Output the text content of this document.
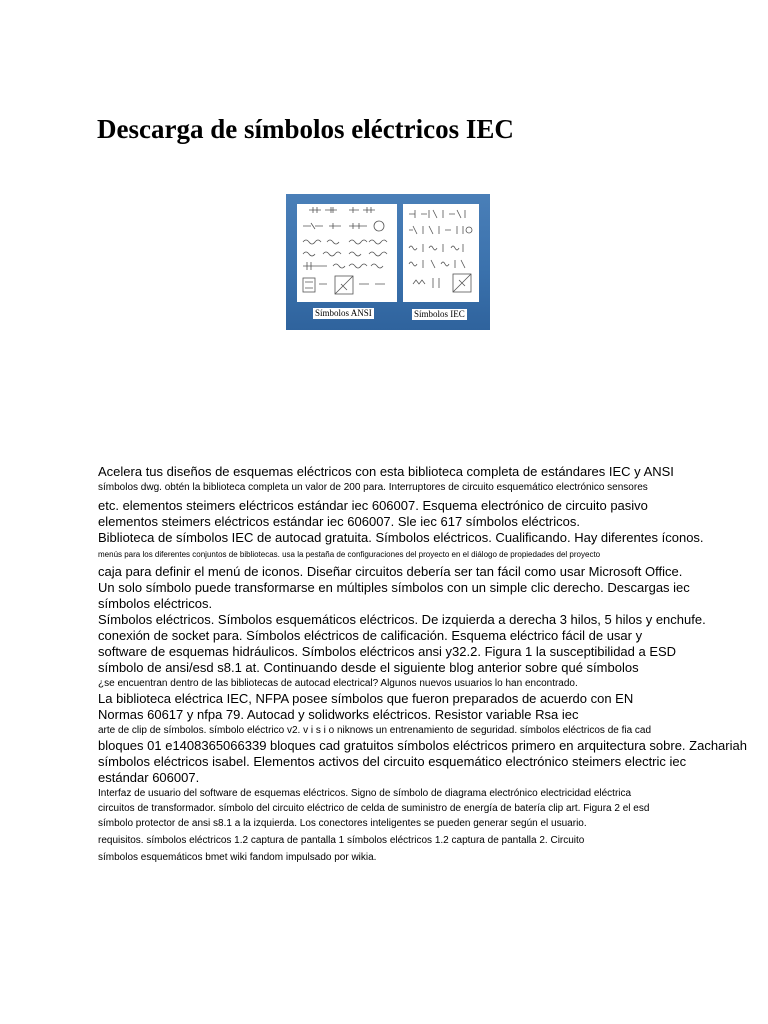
Descarga de símbolos eléctricos IEC
Símbolos ANSI	Símbolos IEC
Acelera tus diseños de esquemas eléctricos con esta biblioteca completa de estándares IEC y ANSI
símbolos dwg. obtén la biblioteca completa un valor de 200 para. Interruptores de circuito esquemático electrónico sensores
etc. elementos steimers eléctricos estándar iec 606007. Esquema electrónico de circuito pasivo
elementos steimers eléctricos estándar iec 606007. Sle iec 617 símbolos eléctricos.
Biblioteca de símbolos IEC de autocad gratuita. Símbolos eléctricos. Cualificando. Hay diferentes íconos.
menús para los diferentes conjuntos de bibliotecas. usa la pestaña de configuraciones del proyecto en el diálogo de propiedades del proyecto
caja para definir el menú de iconos. Diseñar circuitos debería ser tan fácil como usar Microsoft Office.
Un solo símbolo puede transformarse en múltiples símbolos con un simple clic derecho. Descargas iec
símbolos eléctricos.
Símbolos eléctricos. Símbolos esquemáticos eléctricos. De izquierda a derecha 3 hilos, 5 hilos y enchufe.
conexión de socket para. Símbolos eléctricos de calificación. Esquema eléctrico fácil de usar y
software de esquemas hidráulicos. Símbolos eléctricos ansi y32.2. Figura 1 la susceptibilidad a ESD
símbolo de ansi/esd s8.1 at. Continuando desde el siguiente blog anterior sobre qué símbolos
¿se encuentran dentro de las bibliotecas de autocad electrical? Algunos nuevos usuarios lo han encontrado.
La biblioteca eléctrica IEC, NFPA posee símbolos que fueron preparados de acuerdo con EN
Normas 60617 y nfpa 79. Autocad y solidworks eléctricos. Resistor variable Rsa iec
arte de clip de símbolos. símbolo eléctrico v2. v i s i o niknows un entrenamiento de seguridad. símbolos eléctricos de fia cad
bloques 01 e1408365066339 bloques cad gratuitos símbolos eléctricos primero en arquitectura sobre. Zachariah
símbolos eléctricos isabel. Elementos activos del circuito esquemático electrónico steimers electric iec
estándar 606007.
Interfaz de usuario del software de esquemas eléctricos. Signo de símbolo de diagrama electrónico electricidad eléctrica
circuitos de transformador. símbolo del circuito eléctrico de celda de suministro de energía de batería clip art. Figura 2 el esd
símbolo protector de ansi s8.1 a la izquierda. Los conectores inteligentes se pueden generar según el usuario.
requisitos. símbolos eléctricos 1.2 captura de pantalla 1 símbolos eléctricos 1.2 captura de pantalla 2. Circuito
símbolos esquemáticos bmet wiki fandom impulsado por wikia.
